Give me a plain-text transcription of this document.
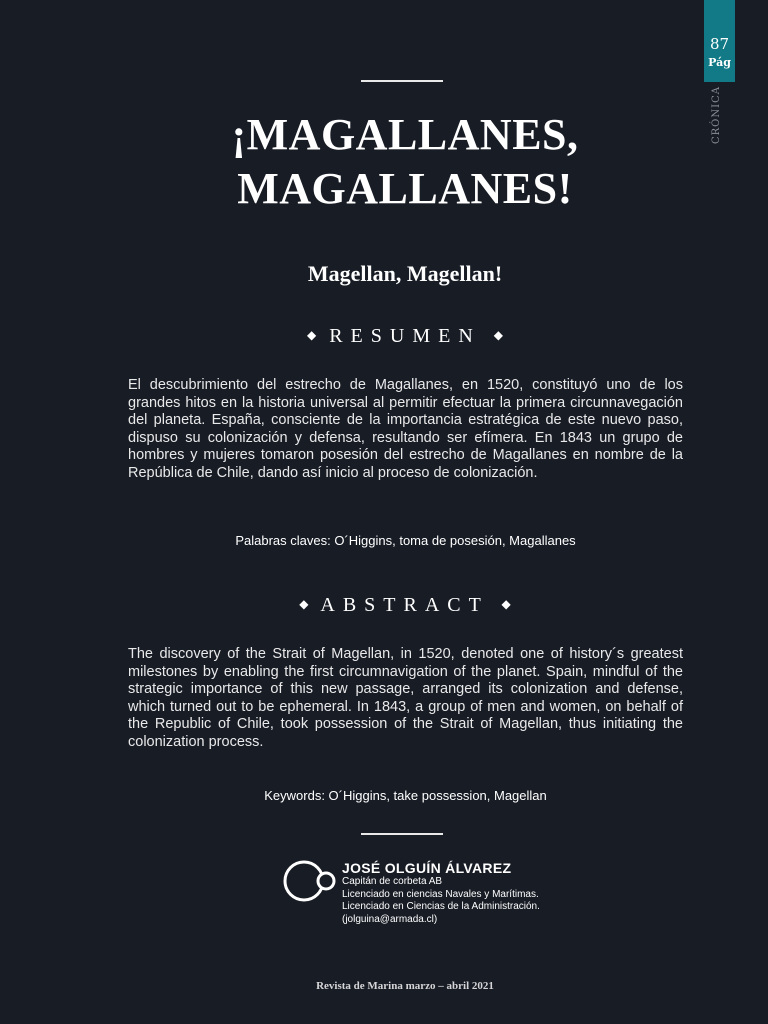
87
Pág
CRÓNICA
¡MAGALLANES,
MAGALLANES!
Magellan, Magellan!
◆ RESUMEN ◆

El descubrimiento del estrecho de Magallanes, en 1520, constituyó uno de los grandes hitos en la historia universal al permitir efectuar la primera circunnavegación del planeta. España, consciente de la importancia estratégica de este nuevo paso, dispuso su colonización y defensa, resultando ser efímera. En 1843 un grupo de hombres y mujeres tomaron posesión del estrecho de Magallanes en nombre de la República de Chile, dando así inicio al proceso de colonización.

Palabras claves: O´Higgins, toma de posesión, Magallanes

◆ ABSTRACT ◆

The discovery of the Strait of Magellan, in 1520, denoted one of history´s greatest milestones by enabling the first circumnavigation of the planet. Spain, mindful of the strategic importance of this new passage, arranged its colonization and defense, which turned out to be ephemeral. In 1843, a group of men and women, on behalf of the Republic of Chile, took possession of the Strait of Magellan, thus initiating the colonization process.

Keywords: O´Higgins, take possession, Magellan

JOSÉ OLGUÍN ÁLVAREZ
Capitán de corbeta AB
Licenciado en ciencias Navales y Marítimas.
Licenciado en Ciencias de la Administración.
(jolguina@armada.cl)
Revista de Marina marzo – abril 2021
